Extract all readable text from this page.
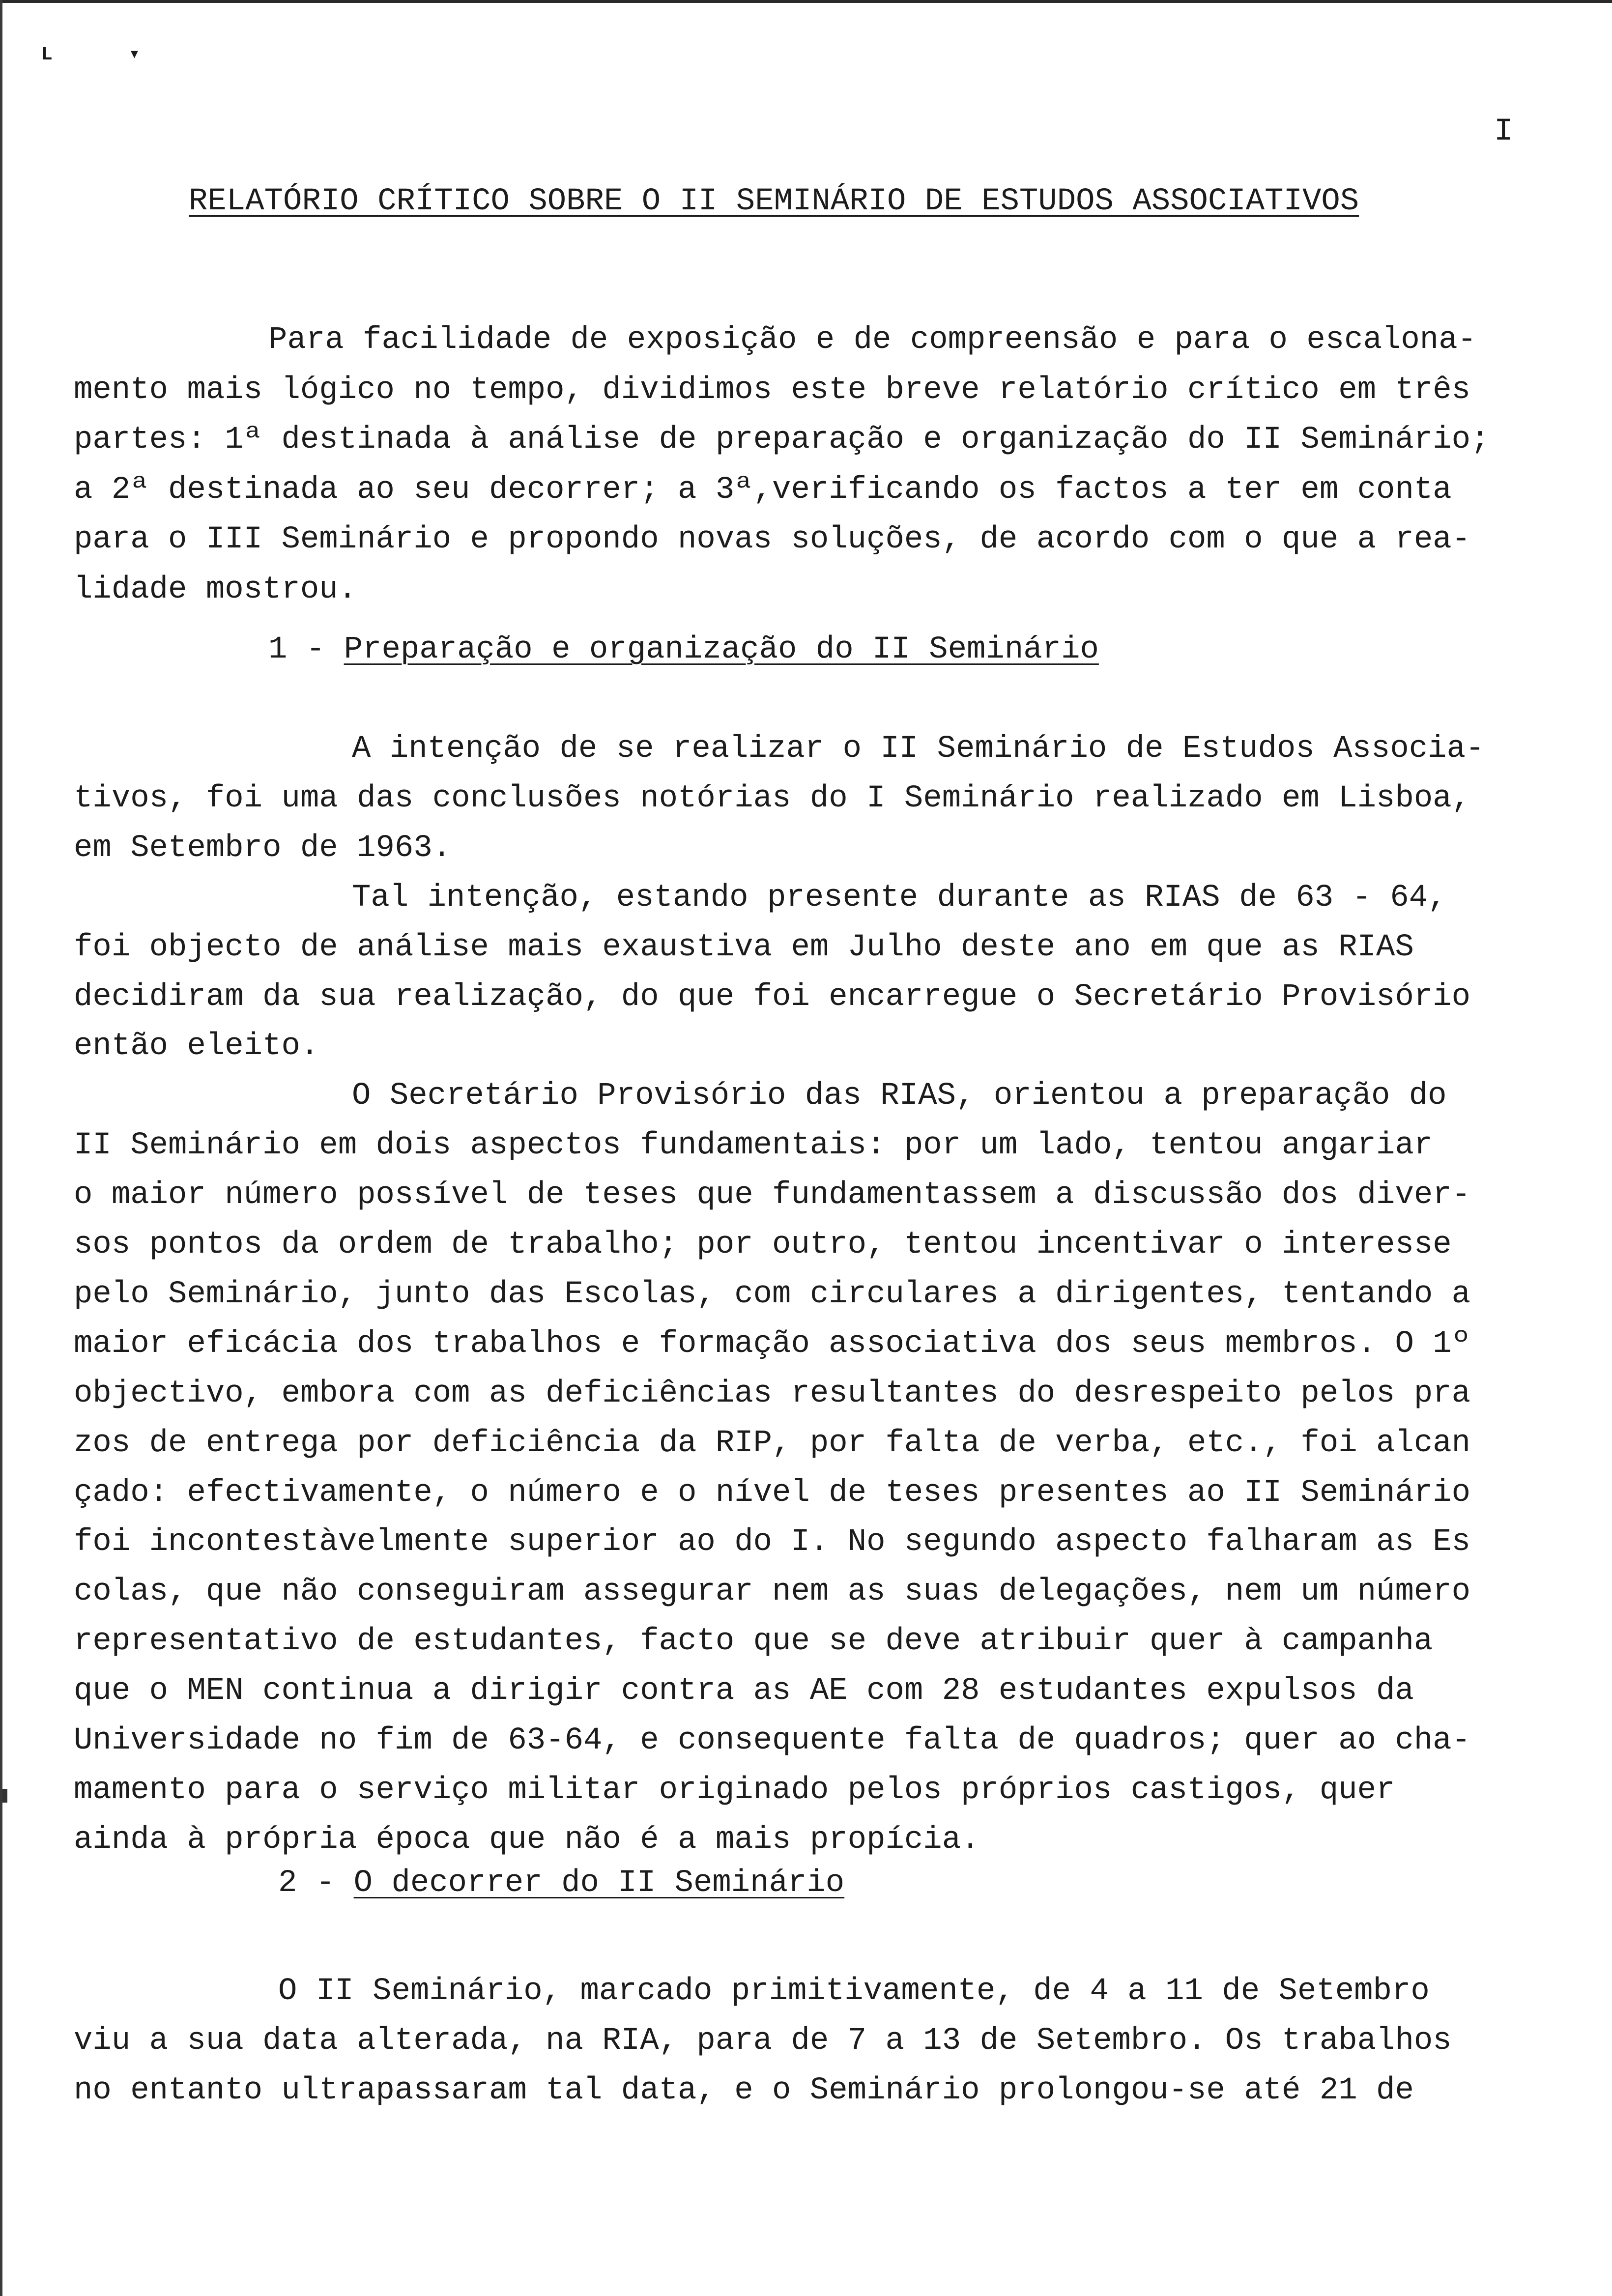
L	▾
I
RELATÓRIO CRÍTICO SOBRE O II SEMINÁRIO DE ESTUDOS ASSOCIATIVOS
Para facilidade de exposição e de compreensão e para o escalona-
mento mais lógico no tempo, dividimos este breve relatório crítico em três
partes: 1ª destinada à análise de preparação e organização do II Seminário;
a 2ª destinada ao seu decorrer; a 3ª,verificando os factos a ter em conta
para o III Seminário e propondo novas soluções, de acordo com o que a rea-
lidade mostrou.
1 - Preparação e organização do II Seminário
A intenção de se realizar o II Seminário de Estudos Associa-
tivos, foi uma das conclusões notórias do I Seminário realizado em Lisboa,
em Setembro de 1963.
Tal intenção, estando presente durante as RIAS de 63 - 64,
foi objecto de análise mais exaustiva em Julho deste ano em que as RIAS
decidiram da sua realização, do que foi encarregue o Secretário Provisório
então eleito.
O Secretário Provisório das RIAS, orientou a preparação do
II Seminário em dois aspectos fundamentais: por um lado, tentou angariar
o maior número possível de teses que fundamentassem a discussão dos diver-
sos pontos da ordem de trabalho; por outro, tentou incentivar o interesse
pelo Seminário, junto das Escolas, com circulares a dirigentes, tentando a
maior eficácia dos trabalhos e formação associativa dos seus membros. O 1º
objectivo, embora com as deficiências resultantes do desrespeito pelos pra
zos de entrega por deficiência da RIP, por falta de verba, etc., foi alcan
çado: efectivamente, o número e o nível de teses presentes ao II Seminário
foi incontestàvelmente superior ao do I. No segundo aspecto falharam as Es
colas, que não conseguiram assegurar nem as suas delegações, nem um número
representativo de estudantes, facto que se deve atribuir quer à campanha
que o MEN continua a dirigir contra as AE com 28 estudantes expulsos da
Universidade no fim de 63-64, e consequente falta de quadros; quer ao cha-
mamento para o serviço militar originado pelos próprios castigos, quer
ainda à própria época que não é a mais propícia.
2 - O decorrer do II Seminário
O II Seminário, marcado primitivamente, de 4 a 11 de Setembro
viu a sua data alterada, na RIA, para de 7 a 13 de Setembro. Os trabalhos
no entanto ultrapassaram tal data, e o Seminário prolongou-se até 21 de
